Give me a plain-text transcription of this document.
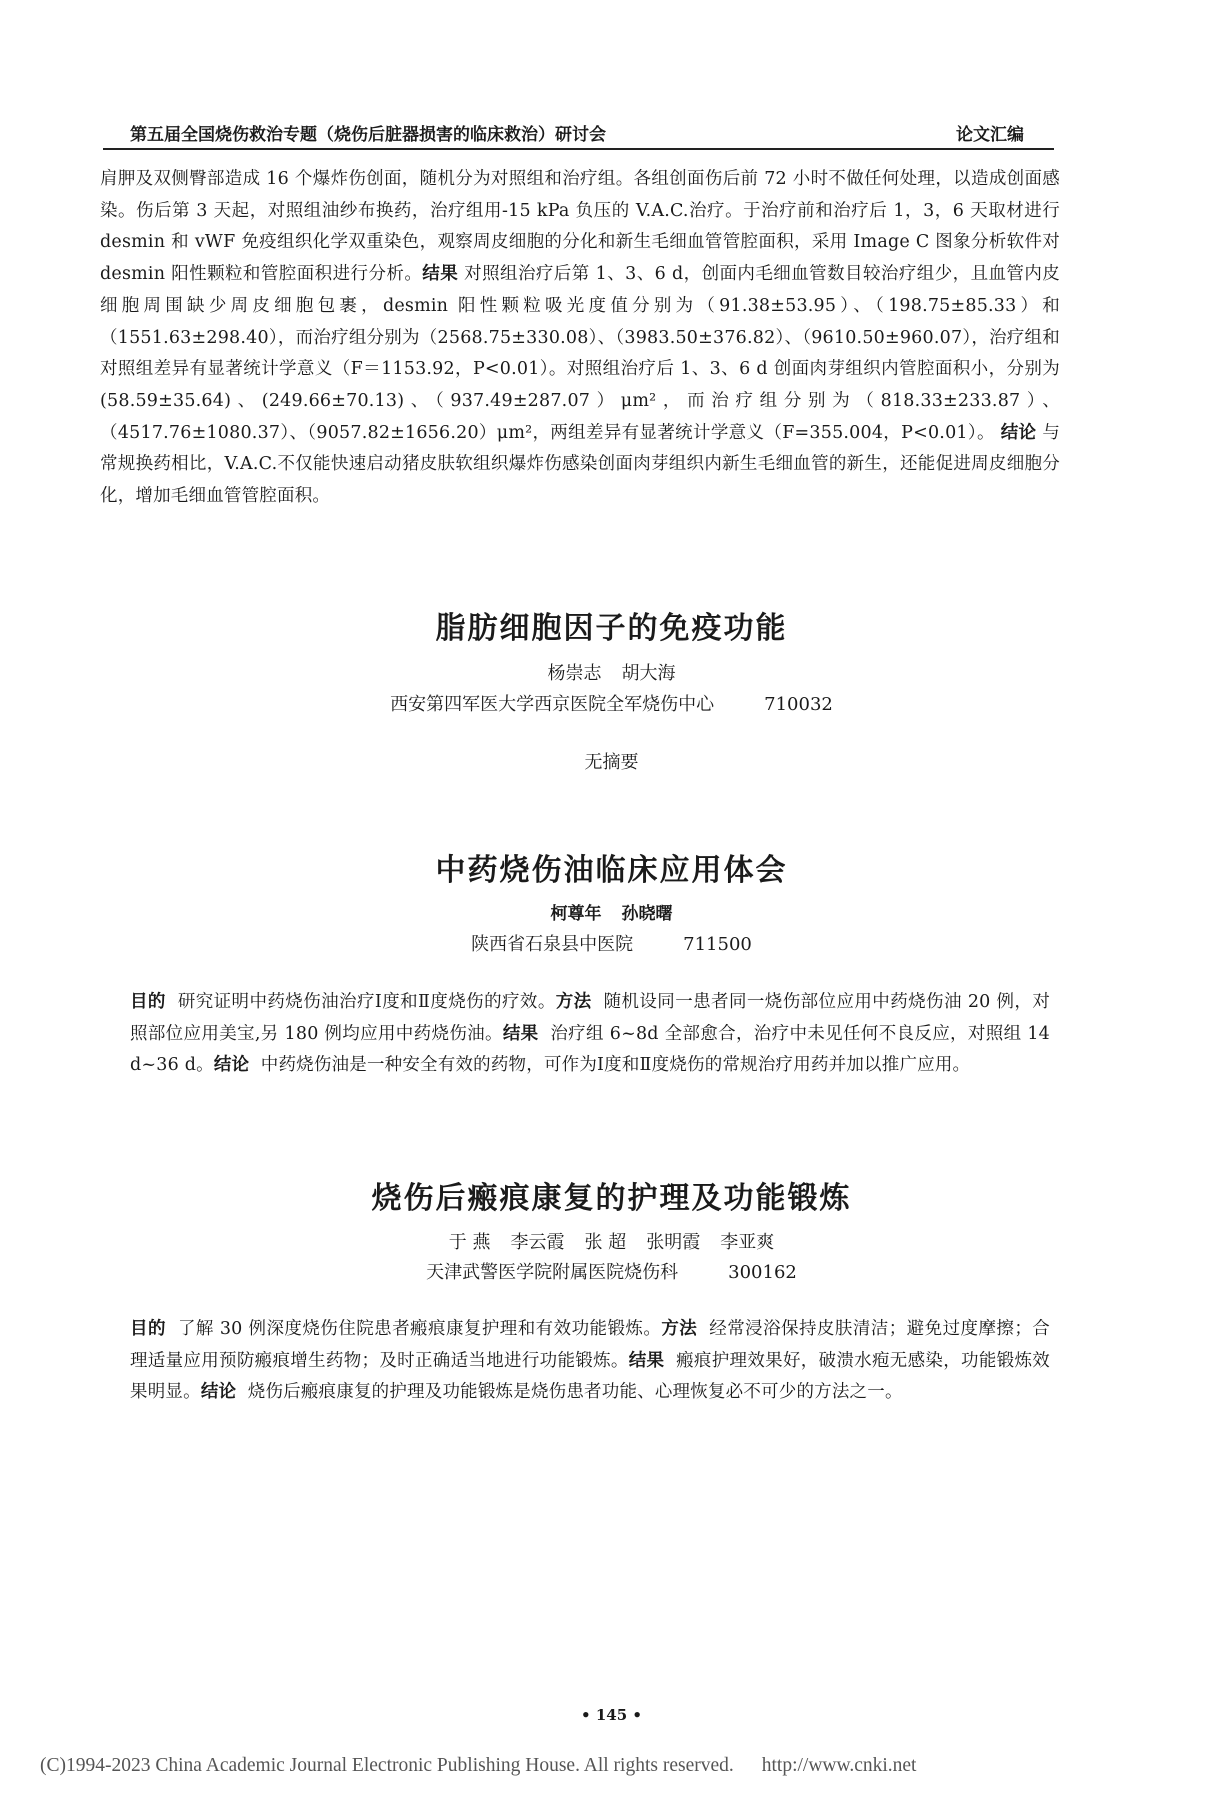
第五届全国烧伤救治专题（烧伤后脏器损害的临床救治）研讨会	论文汇编

肩胛及双侧臀部造成 16 个爆炸伤创面，随机分为对照组和治疗组。各组创面伤后前 72 小时不做任何处理，以造成创面感染。伤后第 3 天起，对照组油纱布换药，治疗组用-15 kPa 负压的 V.A.C.治疗。于治疗前和治疗后 1，3，6 天取材进行 desmin 和 vWF 免疫组织化学双重染色，观察周皮细胞的分化和新生毛细血管管腔面积，采用 Image C 图象分析软件对 desmin 阳性颗粒和管腔面积进行分析。结果 对照组治疗后第 1、3、6 d，创面内毛细血管数目较治疗组少，且血管内皮细胞周围缺少周皮细胞包裹，desmin 阳性颗粒吸光度值分别为（91.38±53.95）、（198.75±85.33）和（1551.63±298.40），而治疗组分别为（2568.75±330.08）、（3983.50±376.82）、（9610.50±960.07），治疗组和对照组差异有显著统计学意义（F＝1153.92，P<0.01）。对照组治疗后 1、3、6 d 创面肉芽组织内管腔面积小，分别为(58.59±35.64)、(249.66±70.13)、（937.49±287.07）μm²，而治疗组分别为（818.33±233.87）、（4517.76±1080.37）、（9057.82±1656.20）μm²，两组差异有显著统计学意义（F=355.004，P<0.01）。 结论 与常规换药相比，V.A.C.不仅能快速启动猪皮肤软组织爆炸伤感染创面肉芽组织内新生毛细血管的新生，还能促进周皮细胞分化，增加毛细血管管腔面积。

脂肪细胞因子的免疫功能
杨崇志 胡大海
西安第四军医大学西京医院全军烧伤中心	710032
无摘要
中药烧伤油临床应用体会
柯尊年 孙晓曙
陕西省石泉县中医院	711500

目的 研究证明中药烧伤油治疗Ⅰ度和Ⅱ度烧伤的疗效。方法 随机设同一患者同一烧伤部位应用中药烧伤油 20 例，对照部位应用美宝,另 180 例均应用中药烧伤油。结果 治疗组 6~8d 全部愈合，治疗中未见任何不良反应，对照组 14 d~36 d。结论 中药烧伤油是一种安全有效的药物，可作为Ⅰ度和Ⅱ度烧伤的常规治疗用药并加以推广应用。

烧伤后瘢痕康复的护理及功能锻炼
于 燕 李云霞 张 超 张明霞 李亚爽
天津武警医学院附属医院烧伤科	300162

目的 了解 30 例深度烧伤住院患者瘢痕康复护理和有效功能锻炼。方法 经常浸浴保持皮肤清洁；避免过度摩擦；合理适量应用预防瘢痕增生药物；及时正确适当地进行功能锻炼。结果 瘢痕护理效果好，破溃水疱无感染，功能锻炼效果明显。结论 烧伤后瘢痕康复的护理及功能锻炼是烧伤患者功能、心理恢复必不可少的方法之一。

• 145 •
(C)1994-2023 China Academic Journal Electronic Publishing House. All rights reserved. http://www.cnki.net
